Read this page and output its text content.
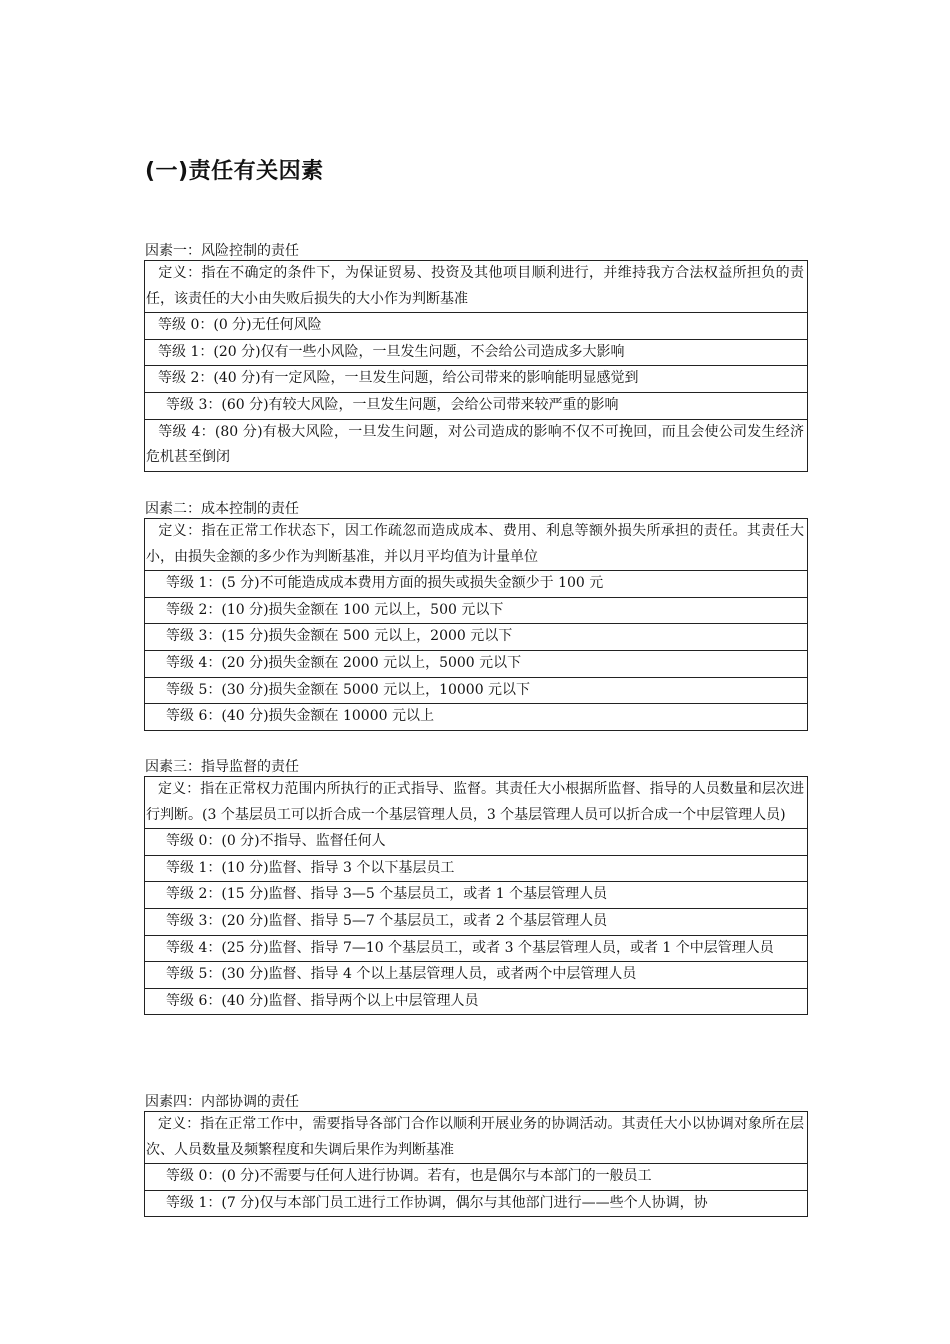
(一)责任有关因素
因素一：风险控制的责任
定义：指在不确定的条件下，为保证贸易、投资及其他项目顺利进行，并维持我方合法权益所担负的责任，该责任的大小由失败后损失的大小作为判断基准
等级 0：(0 分)无任何风险
等级 1：(20 分)仅有一些小风险，一旦发生问题，不会给公司造成多大影响
等级 2：(40 分)有一定风险，一旦发生问题，给公司带来的影响能明显感觉到
等级 3：(60 分)有较大风险，一旦发生问题，会给公司带来较严重的影响
等级 4：(80 分)有极大风险，一旦发生问题，对公司造成的影响不仅不可挽回，而且会使公司发生经济危机甚至倒闭
因素二：成本控制的责任
定义：指在正常工作状态下，因工作疏忽而造成成本、费用、利息等额外损失所承担的责任。其责任大小，由损失金额的多少作为判断基准，并以月平均值为计量单位
等级 1：(5 分)不可能造成成本费用方面的损失或损失金额少于 100 元
等级 2：(10 分)损失金额在 100 元以上，500 元以下
等级 3：(15 分)损失金额在 500 元以上，2000 元以下
等级 4：(20 分)损失金额在 2000 元以上，5000 元以下
等级 5：(30 分)损失金额在 5000 元以上，10000 元以下
等级 6：(40 分)损失金额在 10000 元以上
因素三：指导监督的责任
定义：指在正常权力范围内所执行的正式指导、监督。其责任大小根据所监督、指导的人员数量和层次进行判断。(3 个基层员工可以折合成一个基层管理人员，3 个基层管理人员可以折合成一个中层管理人员)
等级 0：(0 分)不指导、监督任何人
等级 1：(10 分)监督、指导 3 个以下基层员工
等级 2：(15 分)监督、指导 3—5 个基层员工，或者 1 个基层管理人员
等级 3：(20 分)监督、指导 5—7 个基层员工，或者 2 个基层管理人员
等级 4：(25 分)监督、指导 7—10 个基层员工，或者 3 个基层管理人员，或者 1 个中层管理人员
等级 5：(30 分)监督、指导 4 个以上基层管理人员，或者两个中层管理人员
等级 6：(40 分)监督、指导两个以上中层管理人员
因素四：内部协调的责任
定义：指在正常工作中，需要指导各部门合作以顺利开展业务的协调活动。其责任大小以协调对象所在层次、人员数量及频繁程度和失调后果作为判断基准
等级 0：(0 分)不需要与任何人进行协调。若有，也是偶尔与本部门的一般员工
等级 1：(7 分)仅与本部门员工进行工作协调，偶尔与其他部门进行——些个人协调，协
